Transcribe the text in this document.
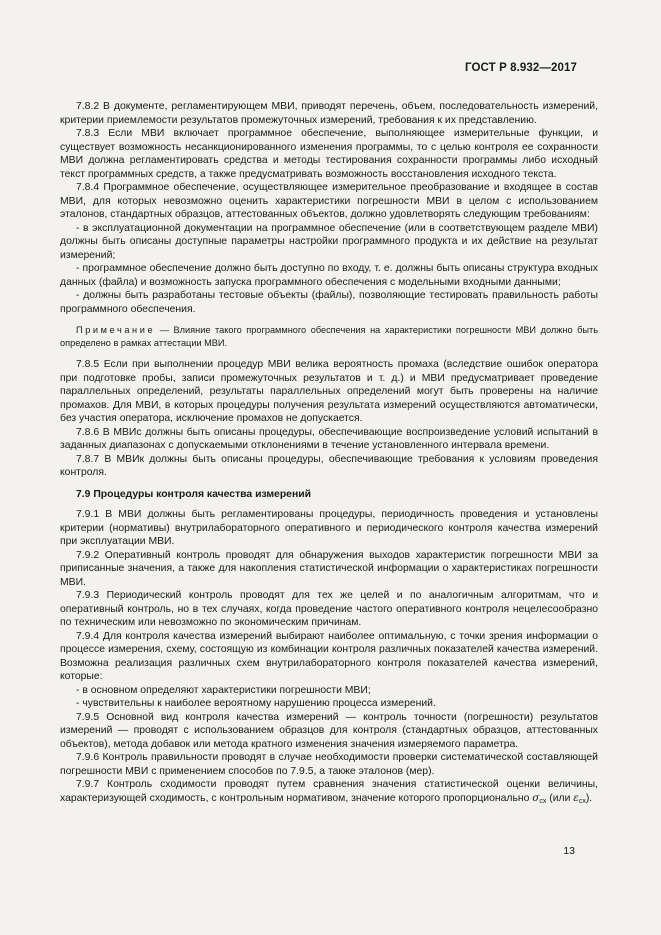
ГОСТ Р 8.932—2017

7.8.2 В документе, регламентирующем МВИ, приводят перечень, объем, последовательность измерений, критерии приемлемости результатов промежуточных измерений, требования к их представлению.

7.8.3 Если МВИ включает программное обеспечение, выполняющее измерительные функции, и существует возможность несанкционированного изменения программы, то с целью контроля ее сохранности МВИ должна регламентировать средства и методы тестирования сохранности программы либо исходный текст программных средств, а также предусматривать возможность восстановления исходного текста.

7.8.4 Программное обеспечение, осуществляющее измерительное преобразование и входящее в состав МВИ, для которых невозможно оценить характеристики погрешности МВИ в целом с использованием эталонов, стандартных образцов, аттестованных объектов, должно удовлетворять следующим требованиям:

- в эксплуатационной документации на программное обеспечение (или в соответствующем разделе МВИ) должны быть описаны доступные параметры настройки программного продукта и их действие на результат измерений;

- программное обеспечение должно быть доступно по входу, т. е. должны быть описаны структура входных данных (файла) и возможность запуска программного обеспечения с модельными входными данными;

- должны быть разработаны тестовые объекты (файлы), позволяющие тестировать правильность работы программного обеспечения.

Примечание — Влияние такого программного обеспечения на характеристики погрешности МВИ должно быть определено в рамках аттестации МВИ.

7.8.5 Если при выполнении процедур МВИ велика вероятность промаха (вследствие ошибок оператора при подготовке пробы, записи промежуточных результатов и т. д.) и МВИ предусматривает проведение параллельных определений, результаты параллельных определений могут быть проверены на наличие промахов. Для МВИ, в которых процедуры получения результата измерений осуществляются автоматически, без участия оператора, исключение промахов не допускается.

7.8.6 В МВИс должны быть описаны процедуры, обеспечивающие воспроизведение условий испытаний в заданных диапазонах с допускаемыми отклонениями в течение установленного интервала времени.

7.8.7 В МВИк должны быть описаны процедуры, обеспечивающие требования к условиям проведения контроля.

7.9 Процедуры контроля качества измерений

7.9.1 В МВИ должны быть регламентированы процедуры, периодичность проведения и установлены критерии (нормативы) внутрилабораторного оперативного и периодического контроля качества измерений при эксплуатации МВИ.

7.9.2 Оперативный контроль проводят для обнаружения выходов характеристик погрешности МВИ за приписанные значения, а также для накопления статистической информации о характеристиках погрешности МВИ.

7.9.3 Периодический контроль проводят для тех же целей и по аналогичным алгоритмам, что и оперативный контроль, но в тех случаях, когда проведение частого оперативного контроля нецелесообразно по техническим или невозможно по экономическим причинам.

7.9.4 Для контроля качества измерений выбирают наиболее оптимальную, с точки зрения информации о процессе измерения, схему, состоящую из комбинации контроля различных показателей качества измерений. Возможна реализация различных схем внутрилабораторного контроля показателей качества измерений, которые:

- в основном определяют характеристики погрешности МВИ;

- чувствительны к наиболее вероятному нарушению процесса измерений.

7.9.5 Основной вид контроля качества измерений — контроль точности (погрешности) результатов измерений — проводят с использованием образцов для контроля (стандартных образцов, аттестованных объектов), метода добавок или метода кратного изменения значения измеряемого параметра.

7.9.6 Контроль правильности проводят в случае необходимости проверки систематической составляющей погрешности МВИ с применением способов по 7.9.5, а также эталонов (мер).

7.9.7 Контроль сходимости проводят путем сравнения значения статистической оценки величины, характеризующей сходимость, с контрольным нормативом, значение которого пропорционально $\sigma_{сх}$ (или $\varepsilon_{сх}$).

13
